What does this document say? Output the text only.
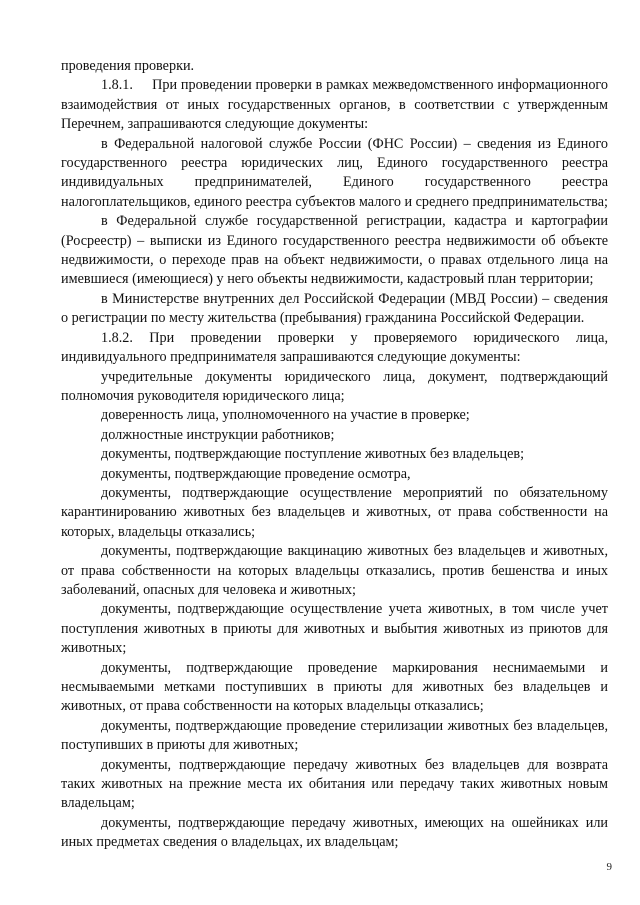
проведения проверки.

1.8.1.     При проведении проверки в рамках межведомственного информационного взаимодействия от иных государственных органов, в соответствии с утвержденным Перечнем, запрашиваются следующие документы:

в Федеральной налоговой службе России (ФНС России) – сведения из Единого государственного реестра юридических лиц, Единого государственного реестра индивидуальных предпринимателей, Единого государственного реестра налогоплательщиков, единого реестра субъектов малого и среднего предпринимательства;

в Федеральной службе государственной регистрации, кадастра и картографии (Росреестр) – выписки из Единого государственного реестра недвижимости об объекте недвижимости, о переходе прав на объект недвижимости, о правах отдельного лица на имевшиеся (имеющиеся) у него объекты недвижимости, кадастровый план территории;

в Министерстве внутренних дел Российской Федерации (МВД России) – сведения о регистрации по месту жительства (пребывания) гражданина Российской Федерации.

1.8.2. При проведении проверки у проверяемого юридического лица, индивидуального предпринимателя запрашиваются следующие документы:

учредительные документы юридического лица, документ, подтверждающий полномочия руководителя юридического лица;

доверенность лица, уполномоченного на участие в проверке;

должностные инструкции работников;

документы, подтверждающие поступление животных без владельцев;

документы, подтверждающие проведение осмотра,

документы, подтверждающие осуществление мероприятий по обязательному карантинированию животных без владельцев и животных, от права собственности на которых, владельцы отказались;

документы, подтверждающие вакцинацию животных без владельцев и животных, от права собственности на которых владельцы отказались, против бешенства и иных заболеваний, опасных для человека и животных;

документы, подтверждающие осуществление учета животных, в том числе учет поступления животных в приюты для животных и выбытия животных из приютов для животных;

документы, подтверждающие проведение маркирования неснимаемыми и несмываемыми метками поступивших в приюты для животных без владельцев и животных, от права собственности на которых владельцы отказались;

документы, подтверждающие проведение стерилизации животных без владельцев, поступивших в приюты для животных;

документы, подтверждающие передачу животных без владельцев для возврата таких животных на прежние места их обитания или передачу таких животных новым владельцам;

документы, подтверждающие передачу животных, имеющих на ошейниках или иных предметах сведения о владельцах, их владельцам;

9
